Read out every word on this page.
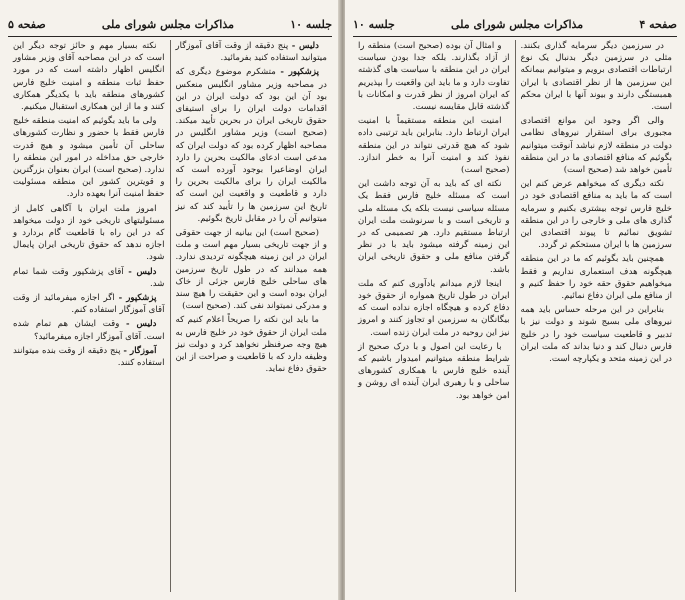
جلسه ۱۰
مذاکرات مجلس شورای ملی
صفحه ۵

دلیس - پنج دقیقه از وقت آقای آموزگار میتوانید استفاده کنید بفرمائید.

پزشکپور - متشکرم موضوع دیگری که در مصاحبه وزیر مشاور انگلیس منعکس بود آن این بود که دولت ایران در این اقدامات دولت ایران را برای استیفای حقوق تاریخی ایران در بحرین تأیید میکند. (صحیح است) وزیر مشاور انگلیس در مصاحبه اظهار کرده بود که دولت ایران که مدعی است ادعای مالکیت بحرین را دارد ایران اوضاعیرا بوجود آورده است که مالکیت ایران را برای مالکیت بحرین را دارد و قاطعیت و واقعیت این است که تاریخ این سرزمین ها را تأیید کند که نیز میتوانیم آن را در مقابل تاریخ بگوئیم.

(صحیح است) این بیانیه از جهت حقوقی و از جهت تاریخی بسیار مهم است و ملت ایران در این زمینه هیچگونه تردیدی ندارد. همه میدانند که در طول تاریخ سرزمین های ساحلی خلیج فارس جزئی از خاک ایران بوده است و این حقیقت را هیچ سند و مدرکی نمیتواند نفی کند. (صحیح است)

ما باید این نکته را صریحاً اعلام کنیم که ملت ایران از حقوق خود در خلیج فارس به هیچ وجه صرفنظر نخواهد کرد و دولت نیز وظیفه دارد که با قاطعیت و صراحت از این حقوق دفاع نماید.

نکته بسیار مهم و حائز توجه دیگر این است که در این مصاحبه آقای وزیر مشاور انگلیس اظهار داشته است که در مورد حفظ ثبات منطقه و امنیت خلیج فارس کشورهای منطقه باید با یکدیگر همکاری کنند و ما از این همکاری استقبال میکنیم.

ولی ما باید بگوئیم که امنیت منطقه خلیج فارس فقط با حضور و نظارت کشورهای ساحلی آن تأمین میشود و هیچ قدرت خارجی حق مداخله در امور این منطقه را ندارد. (صحیح است) ایران بعنوان بزرگترین و قویترین کشور این منطقه مسئولیت حفظ امنیت آنرا بعهده دارد.

امروز ملت ایران با آگاهی کامل از مسئولیتهای تاریخی خود از دولت میخواهد که در این راه با قاطعیت گام بردارد و اجازه ندهد که حقوق تاریخی ایران پایمال شود.

دلیس - آقای پزشکپور وقت شما تمام شد.

پزشکپور - اگر اجازه میفرمائید از وقت آقای آموزگار استفاده کنم.

دلیس - وقت ایشان هم تمام شده است. آقای آموزگار اجازه میفرمائید؟

آموزگار - پنج دقیقه از وقت بنده میتوانند استفاده کنند.

صفحه ۴
مذاکرات مجلس شورای ملی
جلسه ۱۰

در سرزمین دیگر سرمایه گذاری بکنند. مثلی در سرزمین دیگر بدنبال یک نوع ارتباطات اقتصادی برویم و میتوانیم بیمانکه این سرزمین ها از نظر اقتصادی با ایران همبستگی دارند و بیوند آنها با ایران محکم است.

والی اگر وجود این موانع اقتصادی مجبوری برای استقرار نیروهای نظامی دولت در منطقه لازم نباشد آنوقت میتوانیم بگوئیم که منافع اقتصادی ما در این منطقه تأمین خواهد شد (صحیح است)

نکته دیگری که میخواهم عرض کنم این است که ما باید به منافع اقتصادی خود در خلیج فارس توجه بیشتری بکنیم و سرمایه گذاری های ملی و خارجی را در این منطقه تشویق نمائیم تا پیوند اقتصادی این سرزمین ها با ایران مستحکم تر گردد.

همچنین باید بگوئیم که ما در این منطقه هیچگونه هدف استعماری نداریم و فقط میخواهیم حقوق حقه خود را حفظ کنیم و از منافع ملی ایران دفاع نمائیم.

بنابراین در این مرحله حساس باید همه نیروهای ملی بسیج شوند و دولت نیز با تدبیر و قاطعیت سیاست خود را در خلیج فارس دنبال کند و دنیا بداند که ملت ایران در این زمینه متحد و یکپارچه است.

و امثال آن بوده (صحیح است) منطقه را از آزاد بگذارند. بلکه جدا بودن سیاست ایران در این منطقه با سیاست های گذشته تفاوت دارد و ما باید این واقعیت را بپذیریم که ایران امروز از نظر قدرت و امکانات با گذشته قابل مقایسه نیست.

امنیت این منطقه مستقیماً با امنیت ایران ارتباط دارد. بنابراین باید ترتیبی داده شود که هیچ قدرتی نتواند در این منطقه نفوذ کند و امنیت آنرا به خطر اندازد. (صحیح است)

نکته ای که باید به آن توجه داشت این است که مسئله خلیج فارس فقط یک مسئله سیاسی نیست بلکه یک مسئله ملی و تاریخی است و با سرنوشت ملت ایران ارتباط مستقیم دارد. هر تصمیمی که در این زمینه گرفته میشود باید با در نظر گرفتن منافع ملی و حقوق تاریخی ایران باشد.

اینجا لازم میدانم یادآوری کنم که ملت ایران در طول تاریخ همواره از حقوق خود دفاع کرده و هیچگاه اجازه نداده است که بیگانگان به سرزمین او تجاوز کنند و امروز نیز این روحیه در ملت ایران زنده است.

با رعایت این اصول و با درک صحیح از شرایط منطقه میتوانیم امیدوار باشیم که آینده خلیج فارس با همکاری کشورهای ساحلی و با رهبری ایران آینده ای روشن و امن خواهد بود.
